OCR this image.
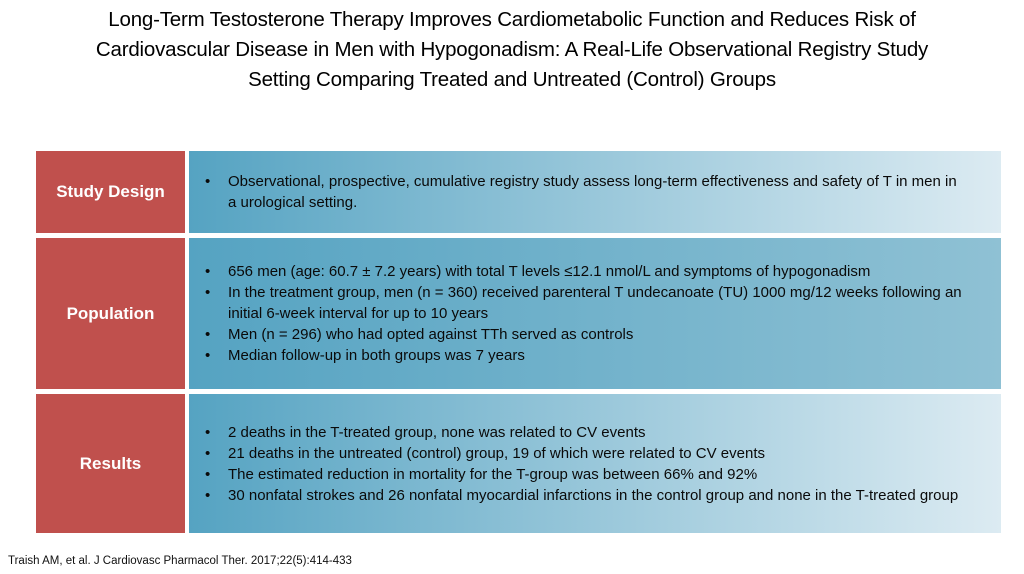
Long-Term Testosterone Therapy Improves Cardiometabolic Function and Reduces Risk of Cardiovascular Disease in Men with Hypogonadism: A Real-Life Observational Registry Study Setting Comparing Treated and Untreated (Control) Groups
Study Design
•	Observational, prospective, cumulative registry study assess long-term effectiveness and safety of T in men in a urological setting.
Population
•	656 men (age: 60.7 ± 7.2 years) with total T levels ≤12.1 nmol/L and symptoms of hypogonadism
•	In the treatment group, men (n = 360) received parenteral T undecanoate (TU) 1000 mg/12 weeks following an initial 6-week interval for up to 10 years
•	Men (n = 296) who had opted against TTh served as controls
•	Median follow-up in both groups was 7 years
Results
•	2 deaths in the T-treated group, none was related to CV events
•	21 deaths in the untreated (control) group, 19 of which were related to CV events
•	The estimated reduction in mortality for the T-group was between 66% and 92%
•	30 nonfatal strokes and 26 nonfatal myocardial infarctions in the control group and none in the T-treated group
Traish AM, et al. J Cardiovasc Pharmacol Ther. 2017;22(5):414-433
